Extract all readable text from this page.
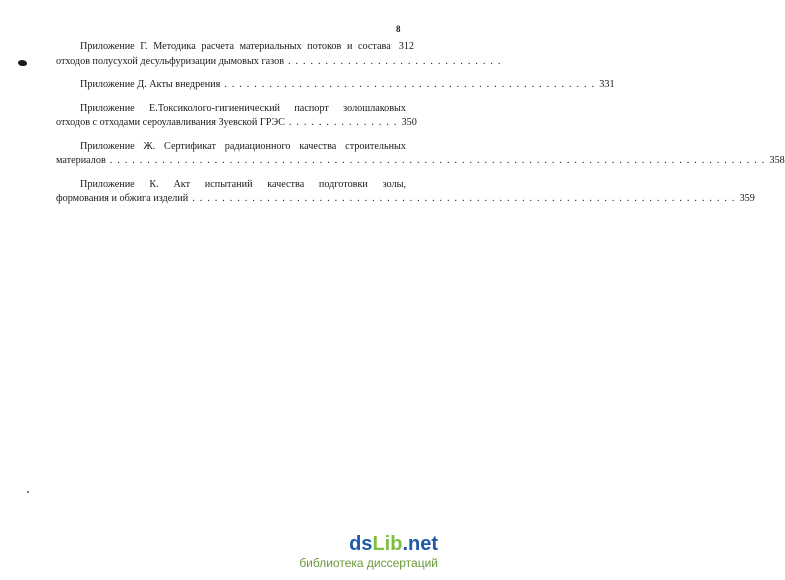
8
Приложение Г. Методика расчета материальных потоков и состава 312
отходов полусухой десульфуризации дымовых газов . . . . . . . . . . . . . . . . . . . . . . . . . . . . .
Приложение Д. Акты внедрения . . . . . . . . . . . . . . . . . . . . . . . . . . . . . . . . . . . . . . . . . . . . . . . . . . 331
Приложение Е.Токсиколого-гигиенический паспорт золошлаковых
отходов с отходами сероулавливания Зуевской ГРЭС . . . . . . . . . . . . . . . 350
Приложение Ж. Сертификат радиационного качества строительных
материалов . . . . . . . . . . . . . . . . . . . . . . . . . . . . . . . . . . . . . . . . . . . . . . . . . . . . . . . . . . . . . . . . . . . . . . . . . . . . . . . . . . . . . . . . 358
Приложение К. Акт испытаний качества подготовки золы,
формования и обжига изделий . . . . . . . . . . . . . . . . . . . . . . . . . . . . . . . . . . . . . . . . . . . . . . . . . . . . . . . . . . . . . . . . . . . . . . . . . 359
dsLib.net
библиотека диссертаций
